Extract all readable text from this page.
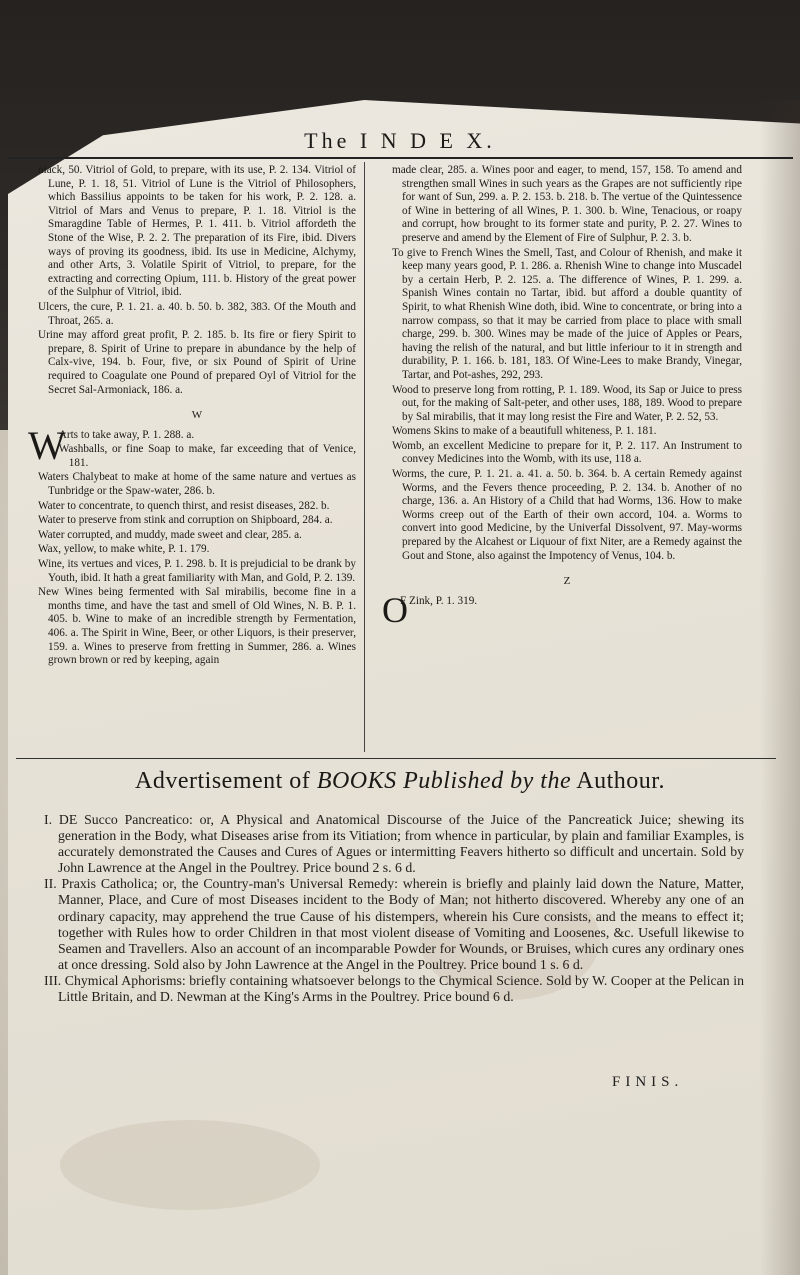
The I N D E X.

niack, 50. Vitriol of Gold, to prepare, with its use, P. 2. 134. Vitriol of Lune, P. 1. 18, 51. Vitriol of Lune is the Vitriol of Philosophers, which Bassilius appoints to be taken for his work, P. 2. 128. a. Vitriol of Mars and Venus to prepare, P. 1. 18. Vitriol is the Smaragdine Table of Hermes, P. 1. 411. b. Vitriol affordeth the Stone of the Wise, P. 2. 2. The preparation of its Fire, ibid. Divers ways of proving its goodness, ibid. Its use in Medicine, Alchymy, and other Arts, 3. Volatile Spirit of Vitriol, to prepare, for the extracting and correcting Opium, 111. b. History of the great power of the Sulphur of Vitriol, ibid.

Ulcers, the cure, P. 1. 21. a. 40. b. 50. b. 382, 383. Of the Mouth and Throat, 265. a.

Urine may afford great profit, P. 2. 185. b. Its fire or fiery Spirit to prepare, 8. Spirit of Urine to prepare in abundance by the help of Calx-vive, 194. b. Four, five, or six Pound of Spirit of Urine required to Coagulate one Pound of prepared Oyl of Vitriol for the Secret Sal-Armoniack, 186. a.

W

W
Arts to take away, P. 1. 288. a.

Washballs, or fine Soap to make, far exceeding that of Venice, 181.

Waters Chalybeat to make at home of the same nature and vertues as Tunbridge or the Spaw-water, 286. b.

Water to concentrate, to quench thirst, and resist diseases, 282. b.

Water to preserve from stink and corruption on Shipboard, 284. a.

Water corrupted, and muddy, made sweet and clear, 285. a.

Wax, yellow, to make white, P. 1. 179.

Wine, its vertues and vices, P. 1. 298. b. It is prejudicial to be drank by Youth, ibid. It hath a great familiarity with Man, and Gold, P. 2. 139.

New Wines being fermented with Sal mirabilis, become fine in a months time, and have the tast and smell of Old Wines, N. B. P. 1. 405. b. Wine to make of an incredible strength by Fermentation, 406. a. The Spirit in Wine, Beer, or other Liquors, is their preserver, 159. a. Wines to preserve from fretting in Summer, 286. a. Wines grown brown or red by keeping, again

made clear, 285. a. Wines poor and eager, to mend, 157, 158. To amend and strengthen small Wines in such years as the Grapes are not sufficiently ripe for want of Sun, 299. a. P. 2. 153. b. 218. b. The vertue of the Quintessence of Wine in bettering of all Wines, P. 1. 300. b. Wine, Tenacious, or roapy and corrupt, how brought to its former state and purity, P. 2. 27. Wines to preserve and amend by the Element of Fire of Sulphur, P. 2. 3. b.

To give to French Wines the Smell, Tast, and Colour of Rhenish, and make it keep many years good, P. 1. 286. a. Rhenish Wine to change into Muscadel by a certain Herb, P. 2. 125. a. The difference of Wines, P. 1. 299. a. Spanish Wines contain no Tartar, ibid. but afford a double quantity of Spirit, to what Rhenish Wine doth, ibid. Wine to concentrate, or bring into a narrow compass, so that it may be carried from place to place with small charge, 299. b. 300. Wines may be made of the juice of Apples or Pears, having the relish of the natural, and but little inferiour to it in strength and durability, P. 1. 166. b. 181, 183. Of Wine-Lees to make Brandy, Vinegar, Tartar, and Pot-ashes, 292, 293.

Wood to preserve long from rotting, P. 1. 189. Wood, its Sap or Juice to press out, for the making of Salt-peter, and other uses, 188, 189. Wood to prepare by Sal mirabilis, that it may long resist the Fire and Water, P. 2. 52, 53.

Womens Skins to make of a beautifull whiteness, P. 1. 181.

Womb, an excellent Medicine to prepare for it, P. 2. 117. An Instrument to convey Medicines into the Womb, with its use, 118 a.

Worms, the cure, P. 1. 21. a. 41. a. 50. b. 364. b. A certain Remedy against Worms, and the Fevers thence proceeding, P. 2. 134. b. Another of no charge, 136. a. An History of a Child that had Worms, 136. How to make Worms creep out of the Earth of their own accord, 104. a. Worms to convert into good Medicine, by the Univerfal Dissolvent, 97. May-worms prepared by the Alcahest or Liquour of fixt Niter, are a Remedy against the Gout and Stone, also against the Impotency of Venus, 104. b.

Z

O
F Zink, P. 1. 319.

Advertisement of BOOKS Published by the Authour.

I. DE Succo Pancreatico: or, A Physical and Anatomical Discourse of the Juice of the Pancreatick Juice; shewing its generation in the Body, what Diseases arise from its Vitiation; from whence in particular, by plain and familiar Examples, is accurately demonstrated the Causes and Cures of Agues or intermitting Feavers hitherto so difficult and uncertain. Sold by John Lawrence at the Angel in the Poultrey. Price bound 2 s. 6 d.

II. Praxis Catholica; or, the Country-man's Universal Remedy: wherein is briefly and plainly laid down the Nature, Matter, Manner, Place, and Cure of most Diseases incident to the Body of Man; not hitherto discovered. Whereby any one of an ordinary capacity, may apprehend the true Cause of his distempers, wherein his Cure consists, and the means to effect it; together with Rules how to order Children in that most violent disease of Vomiting and Loosenes, &c. Usefull likewise to Seamen and Travellers. Also an account of an incomparable Powder for Wounds, or Bruises, which cures any ordinary ones at once dressing. Sold also by John Lawrence at the Angel in the Poultrey. Price bound 1 s. 6 d.

III. Chymical Aphorisms: briefly containing whatsoever belongs to the Chymical Science. Sold by W. Cooper at the Pelican in Little Britain, and D. Newman at the King's Arms in the Poultrey. Price bound 6 d.

FINIS.
